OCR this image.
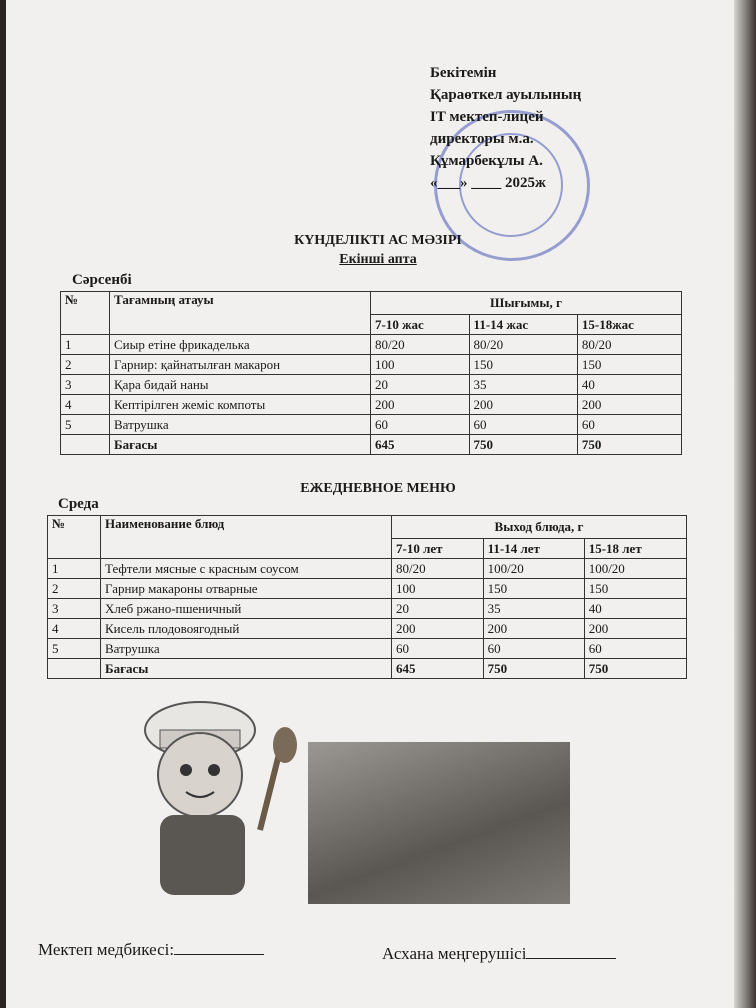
Бекітемін
Қараөткел ауылының
IT мектеп-лицей
директоры м.а.
Құмарбекұлы А.
«___» ____ 2025ж
КҮНДЕЛІКТІ АС МӘЗІРІ
Екінші апта
Сәрсенбі
№	Тағамның атауы	Шығымы, г		
		7-10 жас	11-14 жас	15-18жас
1	Сиыр етіне фрикаделька	80/20	80/20	80/20
2	Гарнир: қайнатылған макарон	100	150	150
3	Қара бидай наны	20	35	40
4	Кептірілген жеміс компоты	200	200	200
5	Ватрушка	60	60	60
	Бағасы	645	750	750
ЕЖЕДНЕВНОЕ МЕНЮ
Среда
№	Наименование блюд	Выход блюда, г		
		7-10 лет	11-14 лет	15-18 лет
1	Тефтели мясные с красным соусом	80/20	100/20	100/20
2	Гарнир макароны отварные	100	150	150
3	Хлеб ржано-пшеничный	20	35	40
4	Кисель плодовоягодный	200	200	200
5	Ватрушка	60	60	60
	Бағасы	645	750	750
Мектеп медбикесі:	Асхана меңгерушісі
